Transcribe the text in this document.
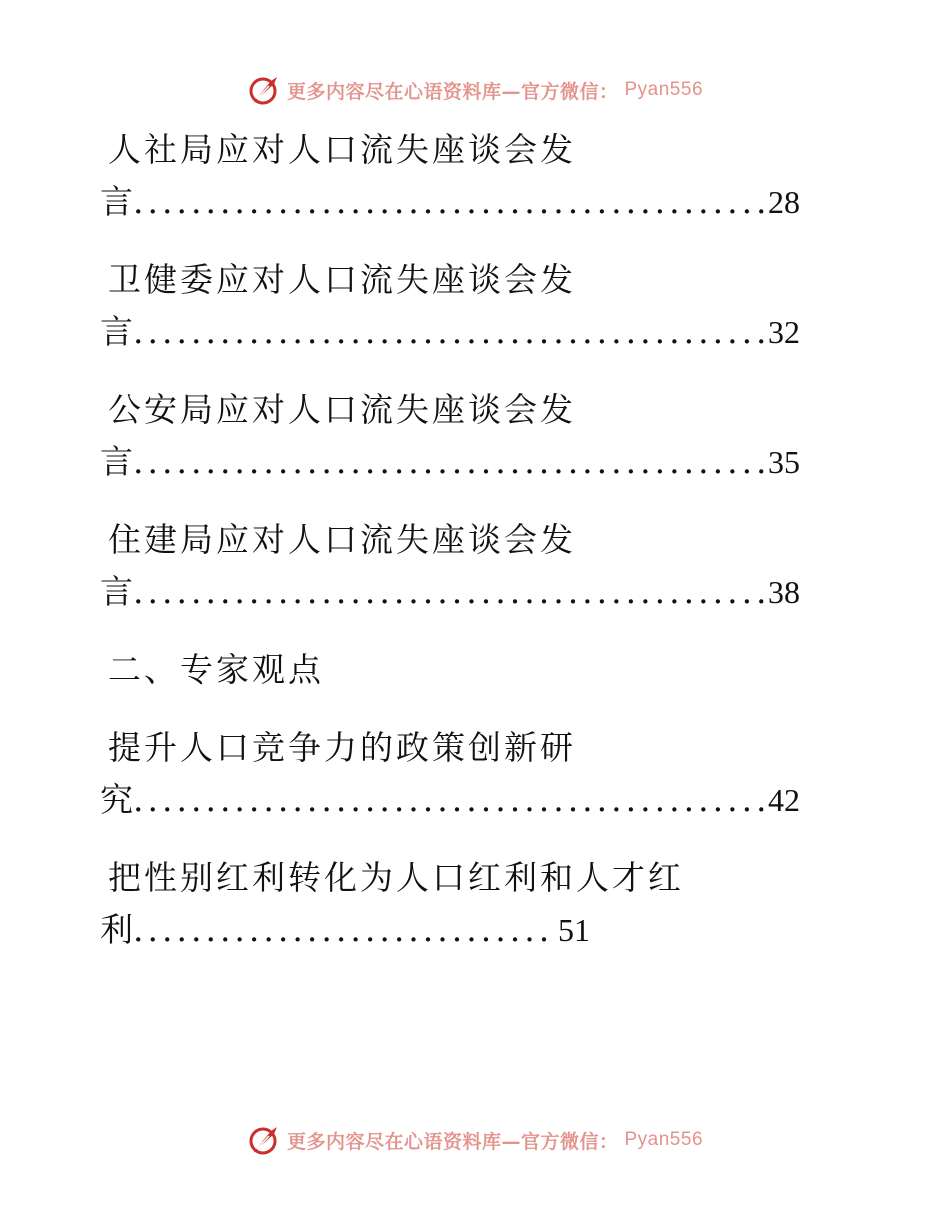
更多内容尽在心语资料库—官方微信： Pyan556
人社局应对人口流失座谈会发
言 .....	28
卫健委应对人口流失座谈会发
言 .....	32
公安局应对人口流失座谈会发
言 .....	35
住建局应对人口流失座谈会发
言 .....	38
二、专家观点
提升人口竞争力的政策创新研
究 .....	42
把性别红利转化为人口红利和人才红
利 .....	51
更多内容尽在心语资料库—官方微信： Pyan556
